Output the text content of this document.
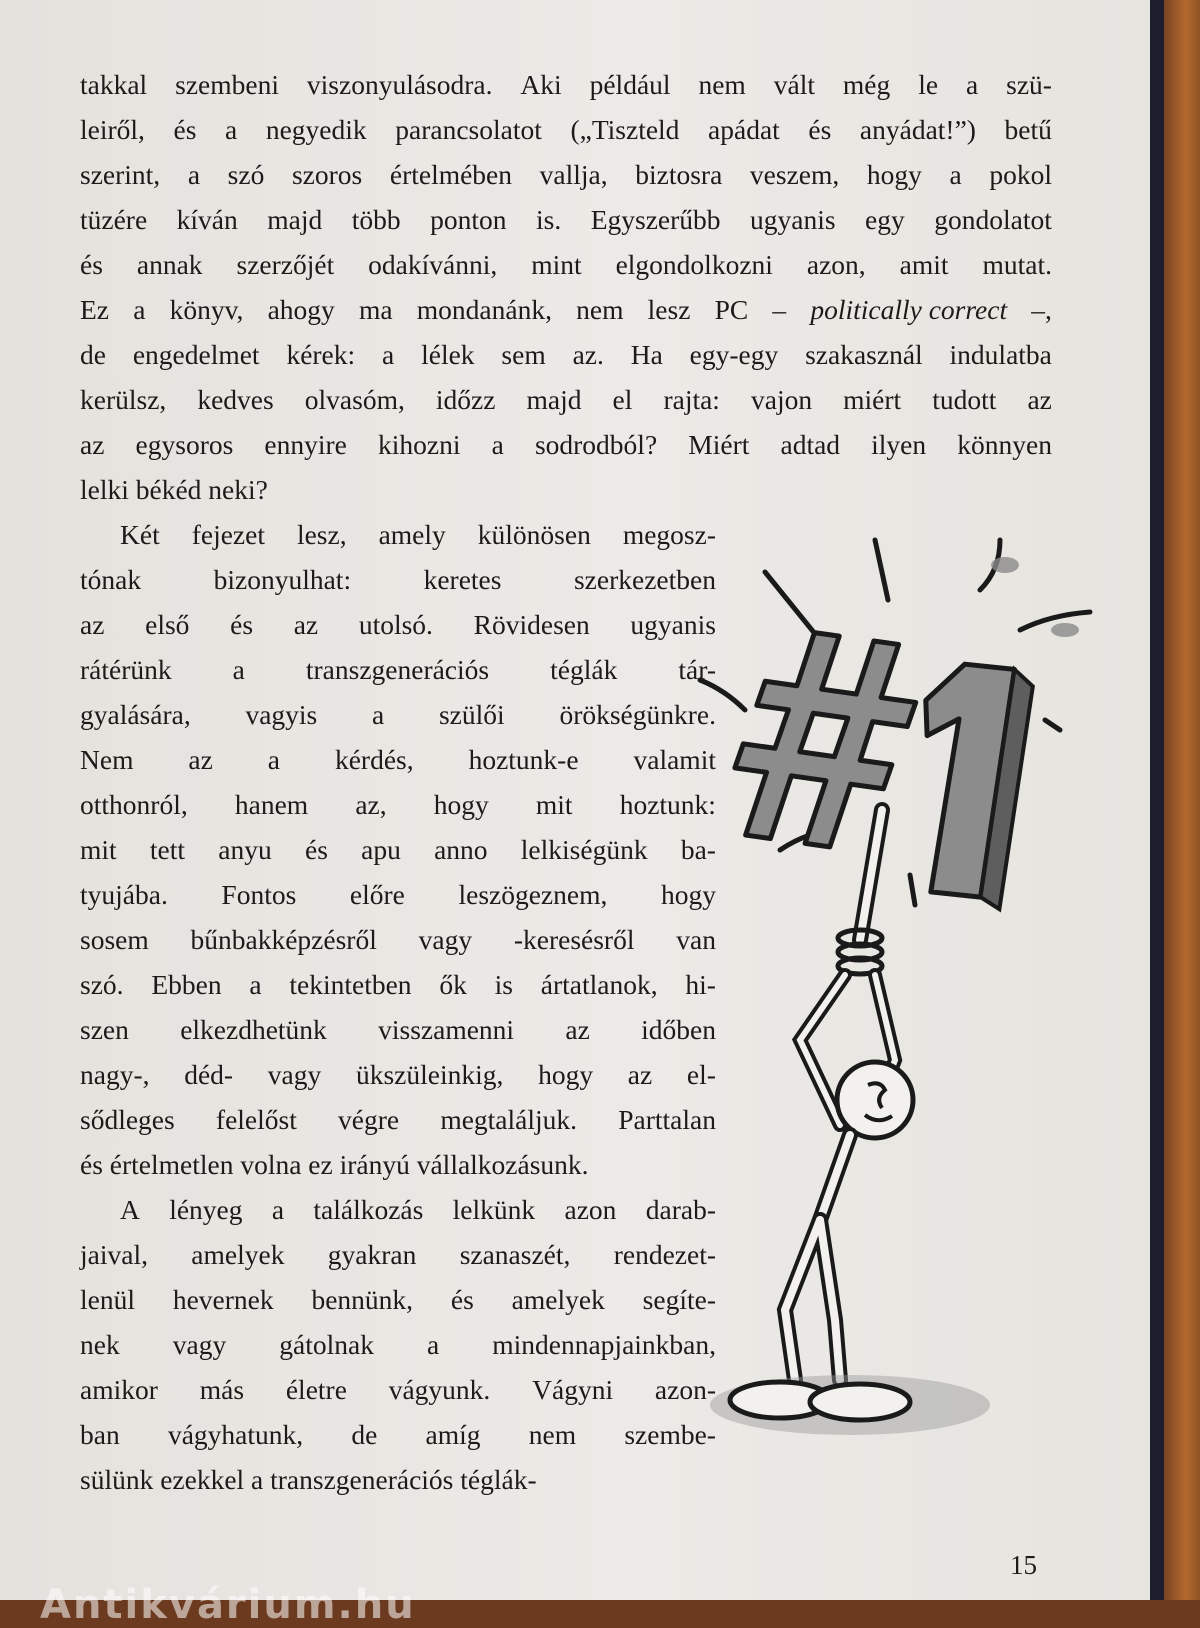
takkal szembeni viszonyulásodra. Aki például nem vált még le a szü-
leiről, és a negyedik parancsolatot („Tiszteld apádat és anyádat!”) betű
szerint, a szó szoros értelmében vallja, biztosra veszem, hogy a pokol
tüzére kíván majd több ponton is. Egyszerűbb ugyanis egy gondolatot
és annak szerzőjét odakívánni, mint elgondolkozni azon, amit mutat.
Ez a könyv, ahogy ma mondanánk, nem lesz PC – politically correct –,
de engedelmet kérek: a lélek sem az. Ha egy-egy szakasznál indulatba
kerülsz, kedves olvasóm, időzz majd el rajta: vajon miért tudott az
az egysoros ennyire kihozni a sodrodból? Miért adtad ilyen könnyen
lelki békéd neki?
Két fejezet lesz, amely különösen megosz-
tónak	bizonyulhat:	keretes	szerkezetben
az első és az utolsó. Rövidesen ugyanis
rátérünk a transzgenerációs téglák tár-
gyalására, vagyis a szülői örökségünkre.
Nem az a kérdés, hoztunk-e valamit
otthonról, hanem az, hogy mit hoztunk:
mit tett anyu és apu anno lelkiségünk ba-
tyujába. Fontos előre leszögeznem, hogy
sosem bűnbakképzésről vagy -keresésről van
szó. Ebben a tekintetben ők is ártatlanok, hi-
szen elkezdhetünk visszamenni az időben
nagy-, déd- vagy ükszüleinkig, hogy az el-
sődleges felelőst végre megtaláljuk. Parttalan
és értelmetlen volna ez irányú vállalkozásunk.
A lényeg a találkozás lelkünk azon darab-
jaival, amelyek gyakran szanaszét, rendezet-
lenül hevernek bennünk, és amelyek segíte-
nek vagy gátolnak a mindennapjainkban,
amikor más életre vágyunk. Vágyni azon-
ban vágyhatunk, de amíg nem szembe-
sülünk ezekkel a transzgenerációs téglák-
15
Antikvárium.hu
